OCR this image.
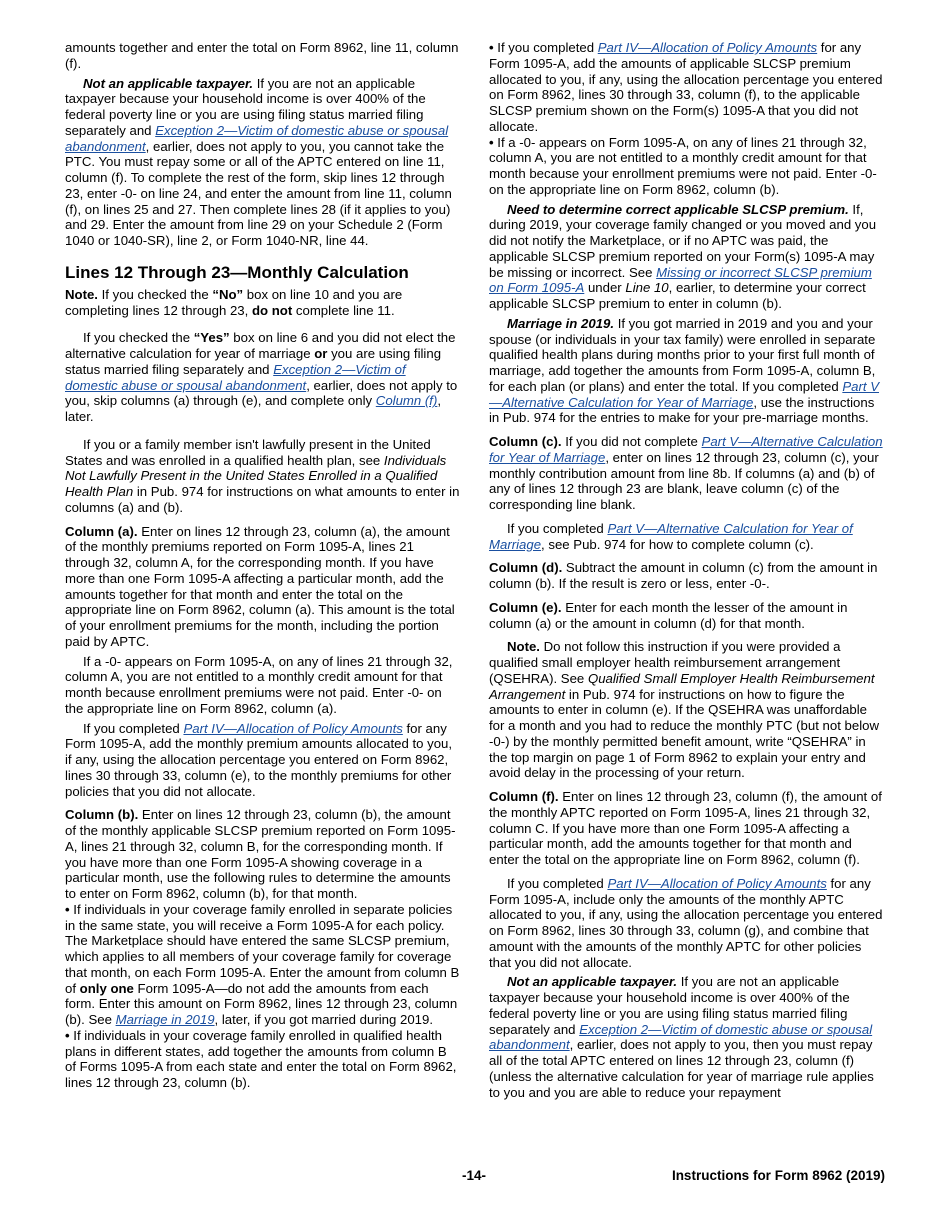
amounts together and enter the total on Form 8962, line 11, column (f).

Not an applicable taxpayer. If you are not an applicable taxpayer because your household income is over 400% of the federal poverty line or you are using filing status married filing separately and Exception 2—Victim of domestic abuse or spousal abandonment, earlier, does not apply to you, you cannot take the PTC. You must repay some or all of the APTC entered on line 11, column (f). To complete the rest of the form, skip lines 12 through 23, enter -0- on line 24, and enter the amount from line 11, column (f), on lines 25 and 27. Then complete lines 28 (if it applies to you) and 29. Enter the amount from line 29 on your Schedule 2 (Form 1040 or 1040-SR), line 2, or Form 1040-NR, line 44.

Lines 12 Through 23—Monthly Calculation

Note. If you checked the “No” box on line 10 and you are completing lines 12 through 23, do not complete line 11.

If you checked the “Yes” box on line 6 and you did not elect the alternative calculation for year of marriage or you are using filing status married filing separately and Exception 2—Victim of domestic abuse or spousal abandonment, earlier, does not apply to you, skip columns (a) through (e), and complete only Column (f), later.

If you or a family member isn't lawfully present in the United States and was enrolled in a qualified health plan, see Individuals Not Lawfully Present in the United States Enrolled in a Qualified Health Plan in Pub. 974 for instructions on what amounts to enter in columns (a) and (b).

Column (a). Enter on lines 12 through 23, column (a), the amount of the monthly premiums reported on Form 1095-A, lines 21 through 32, column A, for the corresponding month. If you have more than one Form 1095-A affecting a particular month, add the amounts together for that month and enter the total on the appropriate line on Form 8962, column (a). This amount is the total of your enrollment premiums for the month, including the portion paid by APTC.

If a -0- appears on Form 1095-A, on any of lines 21 through 32, column A, you are not entitled to a monthly credit amount for that month because enrollment premiums were not paid. Enter -0- on the appropriate line on Form 8962, column (a).

If you completed Part IV—Allocation of Policy Amounts for any Form 1095-A, add the monthly premium amounts allocated to you, if any, using the allocation percentage you entered on Form 8962, lines 30 through 33, column (e), to the monthly premiums for other policies that you did not allocate.

Column (b). Enter on lines 12 through 23, column (b), the amount of the monthly applicable SLCSP premium reported on Form 1095-A, lines 21 through 32, column B, for the corresponding month. If you have more than one Form 1095-A showing coverage in a particular month, use the following rules to determine the amounts to enter on Form 8962, column (b), for that month.

• If individuals in your coverage family enrolled in separate policies in the same state, you will receive a Form 1095-A for each policy. The Marketplace should have entered the same SLCSP premium, which applies to all members of your coverage family for coverage that month, on each Form 1095-A. Enter the amount from column B of only one Form 1095-A—do not add the amounts from each form. Enter this amount on Form 8962, lines 12 through 23, column (b). See Marriage in 2019, later, if you got married during 2019.

• If individuals in your coverage family enrolled in qualified health plans in different states, add together the amounts from column B of Forms 1095-A from each state and enter the total on Form 8962, lines 12 through 23, column (b).

• If you completed Part IV—Allocation of Policy Amounts for any Form 1095-A, add the amounts of applicable SLCSP premium allocated to you, if any, using the allocation percentage you entered on Form 8962, lines 30 through 33, column (f), to the applicable SLCSP premium shown on the Form(s) 1095-A that you did not allocate.

• If a -0- appears on Form 1095-A, on any of lines 21 through 32, column A, you are not entitled to a monthly credit amount for that month because your enrollment premiums were not paid. Enter -0- on the appropriate line on Form 8962, column (b).

Need to determine correct applicable SLCSP premium. If, during 2019, your coverage family changed or you moved and you did not notify the Marketplace, or if no APTC was paid, the applicable SLCSP premium reported on your Form(s) 1095-A may be missing or incorrect. See Missing or incorrect SLCSP premium on Form 1095-A under Line 10, earlier, to determine your correct applicable SLCSP premium to enter in column (b).

Marriage in 2019. If you got married in 2019 and you and your spouse (or individuals in your tax family) were enrolled in separate qualified health plans during months prior to your first full month of marriage, add together the amounts from Form 1095-A, column B, for each plan (or plans) and enter the total. If you completed Part V—Alternative Calculation for Year of Marriage, use the instructions in Pub. 974 for the entries to make for your pre-marriage months.

Column (c). If you did not complete Part V—Alternative Calculation for Year of Marriage, enter on lines 12 through 23, column (c), your monthly contribution amount from line 8b. If columns (a) and (b) of any of lines 12 through 23 are blank, leave column (c) of the corresponding line blank.

If you completed Part V—Alternative Calculation for Year of Marriage, see Pub. 974 for how to complete column (c).

Column (d). Subtract the amount in column (c) from the amount in column (b). If the result is zero or less, enter -0-.

Column (e). Enter for each month the lesser of the amount in column (a) or the amount in column (d) for that month.

Note. Do not follow this instruction if you were provided a qualified small employer health reimbursement arrangement (QSEHRA). See Qualified Small Employer Health Reimbursement Arrangement in Pub. 974 for instructions on how to figure the amounts to enter in column (e). If the QSEHRA was unaffordable for a month and you had to reduce the monthly PTC (but not below -0-) by the monthly permitted benefit amount, write “QSEHRA” in the top margin on page 1 of Form 8962 to explain your entry and avoid delay in the processing of your return.

Column (f). Enter on lines 12 through 23, column (f), the amount of the monthly APTC reported on Form 1095-A, lines 21 through 32, column C. If you have more than one Form 1095-A affecting a particular month, add the amounts together for that month and enter the total on the appropriate line on Form 8962, column (f).

If you completed Part IV—Allocation of Policy Amounts for any Form 1095-A, include only the amounts of the monthly APTC allocated to you, if any, using the allocation percentage you entered on Form 8962, lines 30 through 33, column (g), and combine that amount with the amounts of the monthly APTC for other policies that you did not allocate.

Not an applicable taxpayer. If you are not an applicable taxpayer because your household income is over 400% of the federal poverty line or you are using filing status married filing separately and Exception 2—Victim of domestic abuse or spousal abandonment, earlier, does not apply to you, then you must repay all of the total APTC entered on lines 12 through 23, column (f) (unless the alternative calculation for year of marriage rule applies to you and you are able to reduce your repayment

-14-	Instructions for Form 8962 (2019)
